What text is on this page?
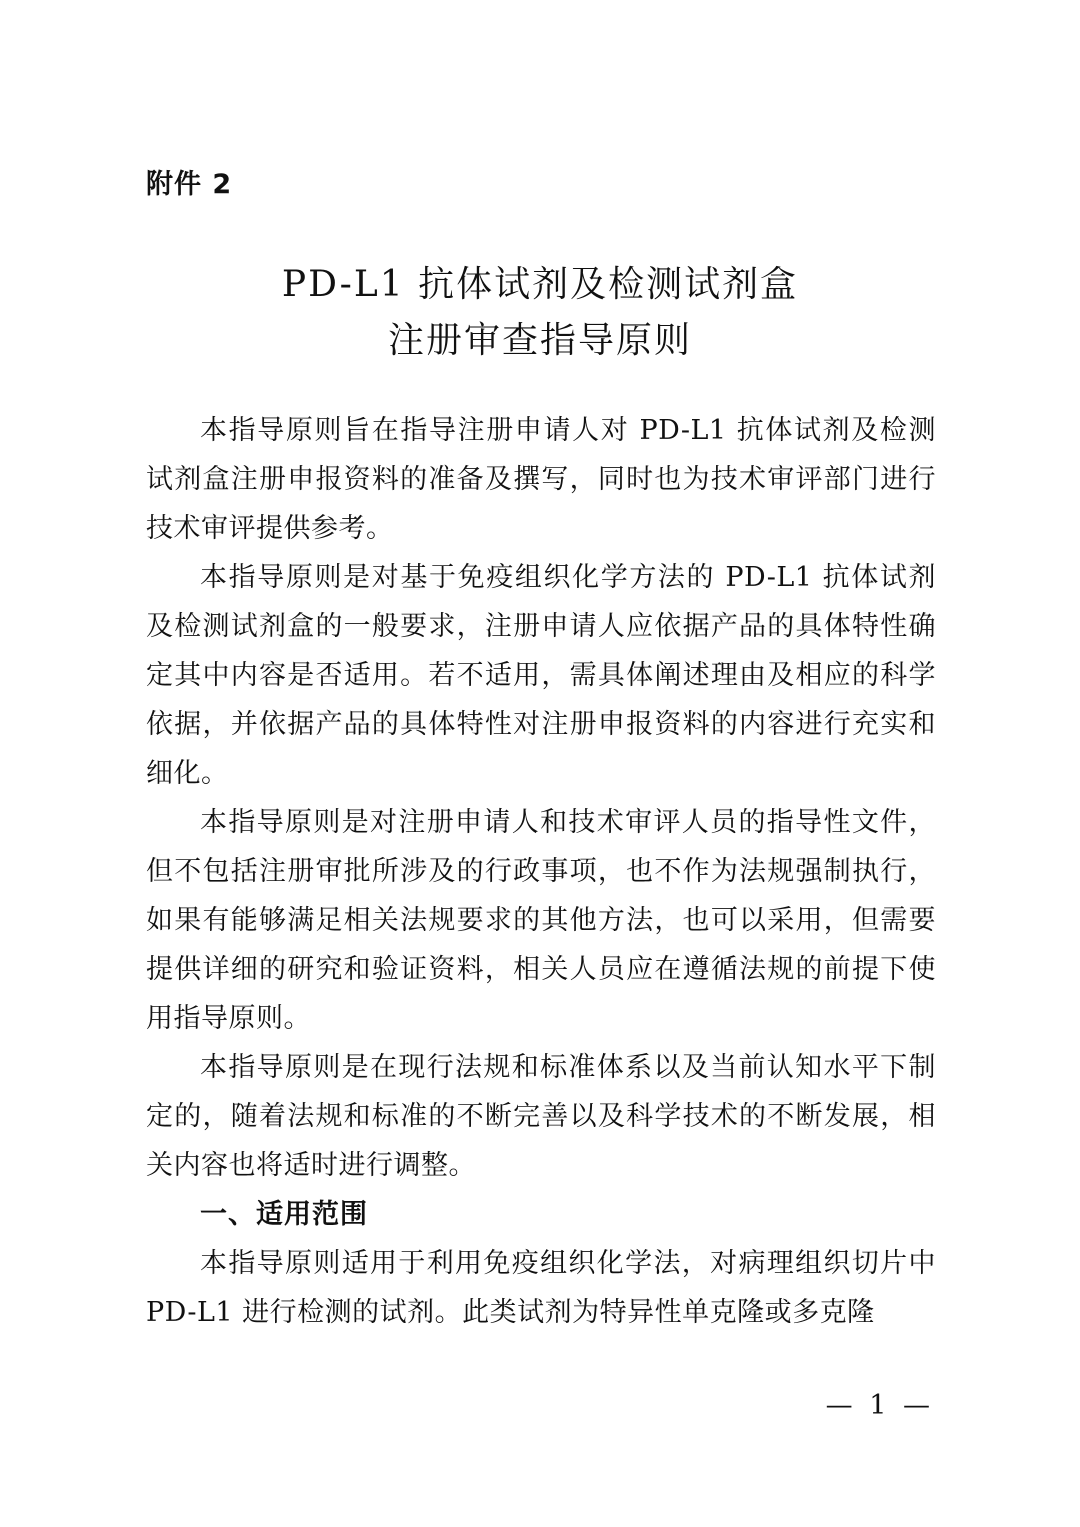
附件 2
PD-L1 抗体试剂及检测试剂盒
注册审查指导原则

本指导原则旨在指导注册申请人对 PD-L1 抗体试剂及检测试剂盒注册申报资料的准备及撰写，同时也为技术审评部门进行技术审评提供参考。

本指导原则是对基于免疫组织化学方法的 PD-L1 抗体试剂及检测试剂盒的一般要求，注册申请人应依据产品的具体特性确定其中内容是否适用。若不适用，需具体阐述理由及相应的科学依据，并依据产品的具体特性对注册申报资料的内容进行充实和细化。

本指导原则是对注册申请人和技术审评人员的指导性文件，但不包括注册审批所涉及的行政事项，也不作为法规强制执行，如果有能够满足相关法规要求的其他方法，也可以采用，但需要提供详细的研究和验证资料，相关人员应在遵循法规的前提下使用指导原则。

本指导原则是在现行法规和标准体系以及当前认知水平下制定的，随着法规和标准的不断完善以及科学技术的不断发展，相关内容也将适时进行调整。

一、适用范围

本指导原则适用于利用免疫组织化学法，对病理组织切片中 PD-L1 进行检测的试剂。此类试剂为特异性单克隆或多克隆

— 1 —
